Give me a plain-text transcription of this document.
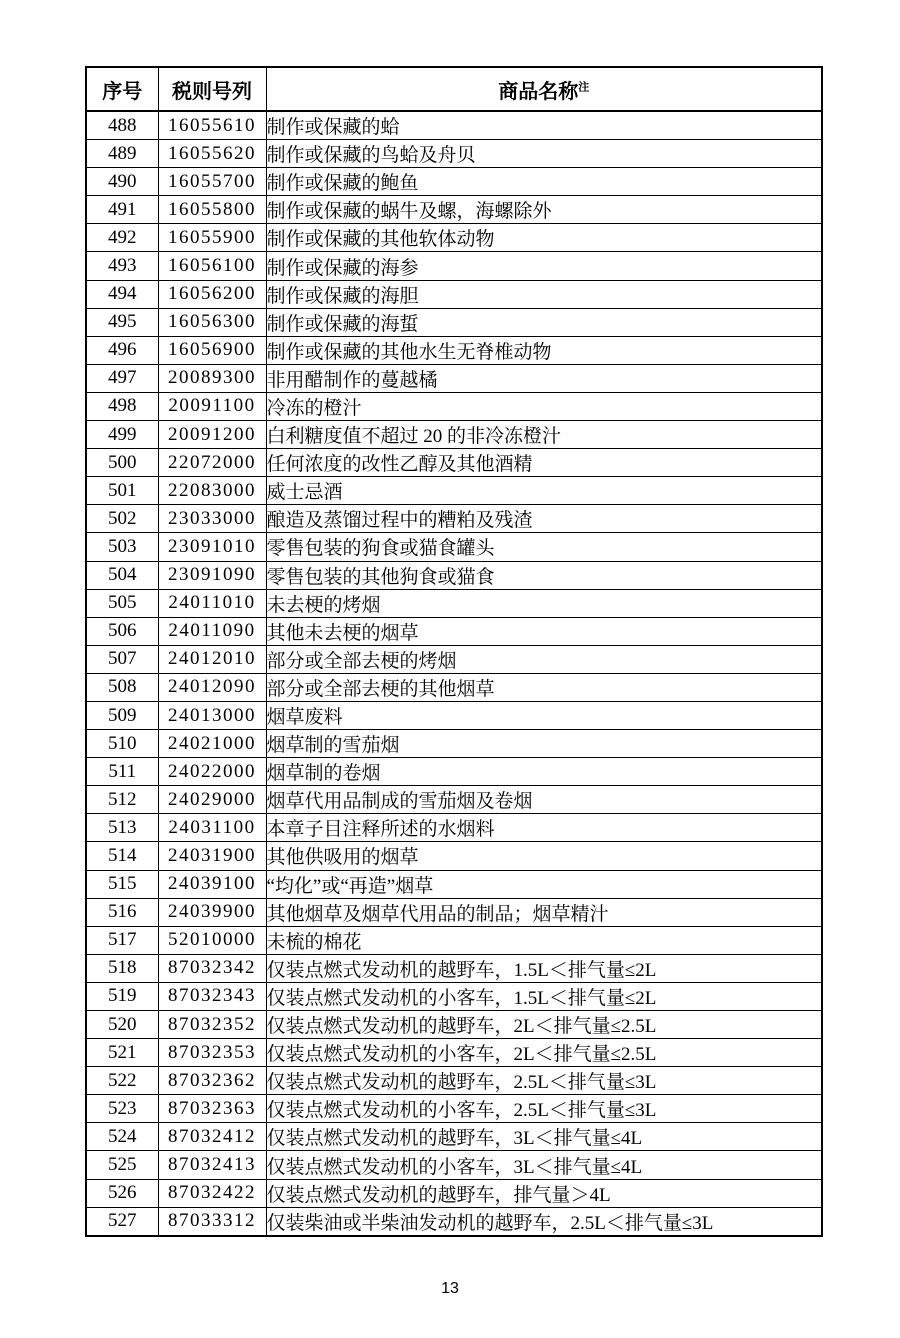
序号	税则号列	商品名称$^注$
488	16055610	制作或保藏的蛤
489	16055620	制作或保藏的鸟蛤及舟贝
490	16055700	制作或保藏的鲍鱼
491	16055800	制作或保藏的蜗牛及螺，海螺除外
492	16055900	制作或保藏的其他软体动物
493	16056100	制作或保藏的海参
494	16056200	制作或保藏的海胆
495	16056300	制作或保藏的海蜇
496	16056900	制作或保藏的其他水生无脊椎动物
497	20089300	非用醋制作的蔓越橘
498	20091100	冷冻的橙汁
499	20091200	白利糖度值不超过 20 的非冷冻橙汁
500	22072000	任何浓度的改性乙醇及其他酒精
501	22083000	威士忌酒
502	23033000	酿造及蒸馏过程中的糟粕及残渣
503	23091010	零售包装的狗食或猫食罐头
504	23091090	零售包装的其他狗食或猫食
505	24011010	未去梗的烤烟
506	24011090	其他未去梗的烟草
507	24012010	部分或全部去梗的烤烟
508	24012090	部分或全部去梗的其他烟草
509	24013000	烟草废料
510	24021000	烟草制的雪茄烟
511	24022000	烟草制的卷烟
512	24029000	烟草代用品制成的雪茄烟及卷烟
513	24031100	本章子目注释所述的水烟料
514	24031900	其他供吸用的烟草
515	24039100	“均化”或“再造”烟草
516	24039900	其他烟草及烟草代用品的制品；烟草精汁
517	52010000	未梳的棉花
518	87032342	仅装点燃式发动机的越野车，1.5L＜排气量≤2L
519	87032343	仅装点燃式发动机的小客车，1.5L＜排气量≤2L
520	87032352	仅装点燃式发动机的越野车，2L＜排气量≤2.5L
521	87032353	仅装点燃式发动机的小客车，2L＜排气量≤2.5L
522	87032362	仅装点燃式发动机的越野车，2.5L＜排气量≤3L
523	87032363	仅装点燃式发动机的小客车，2.5L＜排气量≤3L
524	87032412	仅装点燃式发动机的越野车，3L＜排气量≤4L
525	87032413	仅装点燃式发动机的小客车，3L＜排气量≤4L
526	87032422	仅装点燃式发动机的越野车，排气量＞4L
527	87033312	仅装柴油或半柴油发动机的越野车，2.5L＜排气量≤3L
13
